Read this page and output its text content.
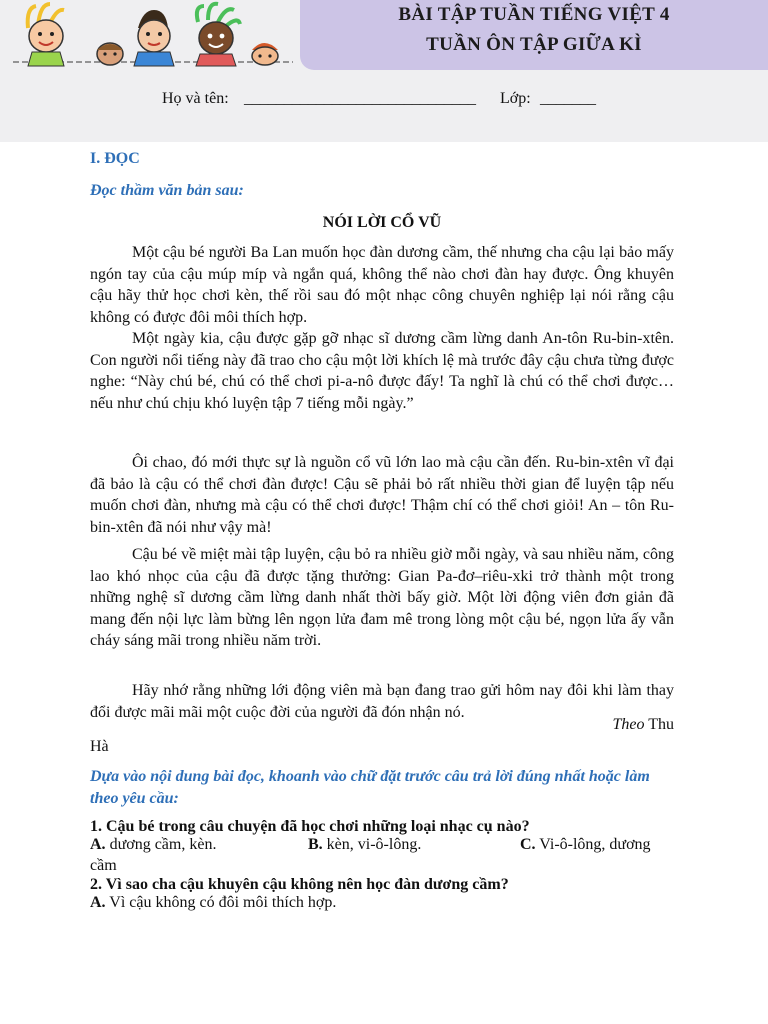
BÀI TẬP TUẦN TIẾNG VIỆT 4
TUẦN ÔN TẬP GIỮA KÌ
Họ và tên: _____________________________ Lớp: _______
I. ĐỌC
Đọc thầm văn bản sau:
NÓI LỜI CỔ VŨ

Một cậu bé người Ba Lan muốn học đàn dương cầm, thế nhưng cha cậu lại bảo mấy ngón tay của cậu múp míp và ngắn quá, không thể nào chơi đàn hay được. Ông khuyên cậu hãy thử học chơi kèn, thế rồi sau đó một nhạc công chuyên nghiệp lại nói rằng cậu không có được đôi môi thích hợp.

Một ngày kia, cậu được gặp gỡ nhạc sĩ dương cầm lừng danh An-tôn Ru-bin-xtên. Con người nổi tiếng này đã trao cho cậu một lời khích lệ mà trước đây cậu chưa từng được nghe: “Này chú bé, chú có thể chơi pi-a-nô được đấy! Ta nghĩ là chú có thể chơi được…nếu như chú chịu khó luyện tập 7 tiếng mỗi ngày.”

Ôi chao, đó mới thực sự là nguồn cổ vũ lớn lao mà cậu cần đến. Ru-bin-xtên vĩ đại đã bảo là cậu có thể chơi đàn được! Cậu sẽ phải bỏ rất nhiều thời gian để luyện tập nếu muốn chơi đàn, nhưng mà cậu có thể chơi được! Thậm chí có thể chơi giỏi! An – tôn Ru-bin-xtên đã nói như vậy mà!

Cậu bé về miệt mài tập luyện, cậu bỏ ra nhiều giờ mỗi ngày, và sau nhiều năm, công lao khó nhọc của cậu đã được tặng thưởng: Gian Pa-đơ–riêu-xki trở thành một trong những nghệ sĩ dương cầm lừng danh nhất thời bấy giờ. Một lời động viên đơn giản đã mang đến nội lực làm bừng lên ngọn lửa đam mê trong lòng một cậu bé, ngọn lửa ấy vẫn cháy sáng mãi trong nhiều năm trời.

Hãy nhớ rằng những lới động viên mà bạn đang trao gửi hôm nay đôi khi làm thay đổi được mãi mãi một cuộc đời của người đã đón nhận nó.

Theo Thu
Hà
Dựa vào nội dung bài đọc, khoanh vào chữ đặt trước câu trả lời đúng nhất hoặc làm theo yêu cầu:
1. Cậu bé trong câu chuyện đã học chơi những loại nhạc cụ nào?
A. dương cầm, kèn.	B. kèn, vi-ô-lông.	C. Vi-ô-lông, dương
cầm
2. Vì sao cha cậu khuyên cậu không nên học đàn dương cầm?
A. Vì cậu không có đôi môi thích hợp.
